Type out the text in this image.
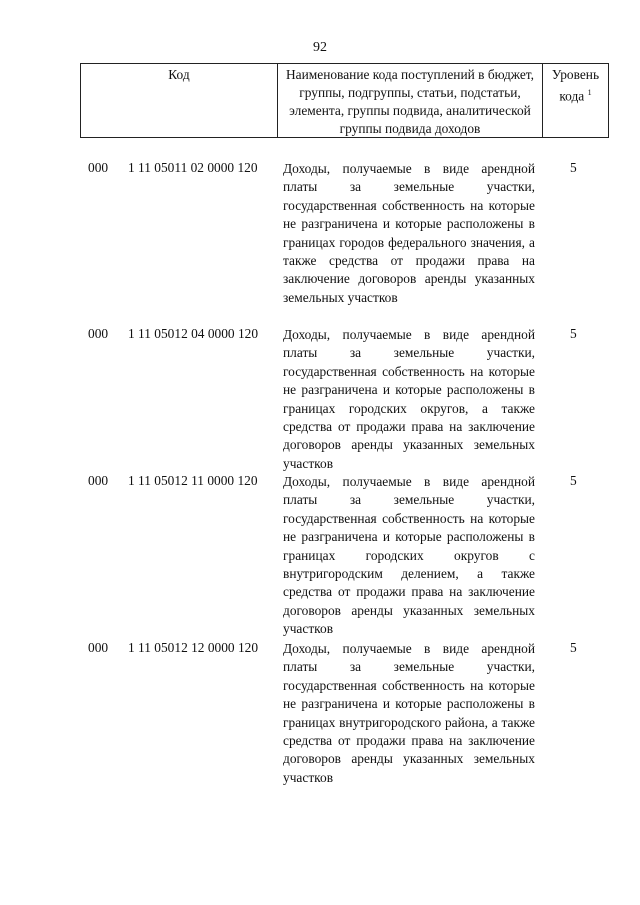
92
Код	Наименование кода поступлений в бюджет, группы, подгруппы, статьи, подстатьи, элемента, группы подвида, аналитической группы подвида доходов
Уровень кода $^1$
000 1 11 05011 02 0000 120 Доходы, получаемые в виде арендной платы за земельные участки, государственная собственность на которые не разграничена и которые расположены в границах городов федерального значения, а также средства от продажи права на заключение договоров аренды указанных земельных участков
5
000 1 11 05012 04 0000 120 Доходы, получаемые в виде арендной платы за земельные участки, государственная собственность на которые не разграничена и которые расположены в границах городских округов, а также средства от продажи права на заключение договоров аренды указанных земельных участков
5
000 1 11 05012 11 0000 120 Доходы, получаемые в виде арендной платы за земельные участки, государственная собственность на которые не разграничена и которые расположены в границах городских округов с внутригородским делением, а также средства от продажи права на заключение договоров аренды указанных земельных участков
5
000 1 11 05012 12 0000 120 Доходы, получаемые в виде арендной платы за земельные участки, государственная собственность на которые не разграничена и которые расположены в границах внутригородского района, а также средства от продажи права на заключение договоров аренды указанных земельных участков
5
